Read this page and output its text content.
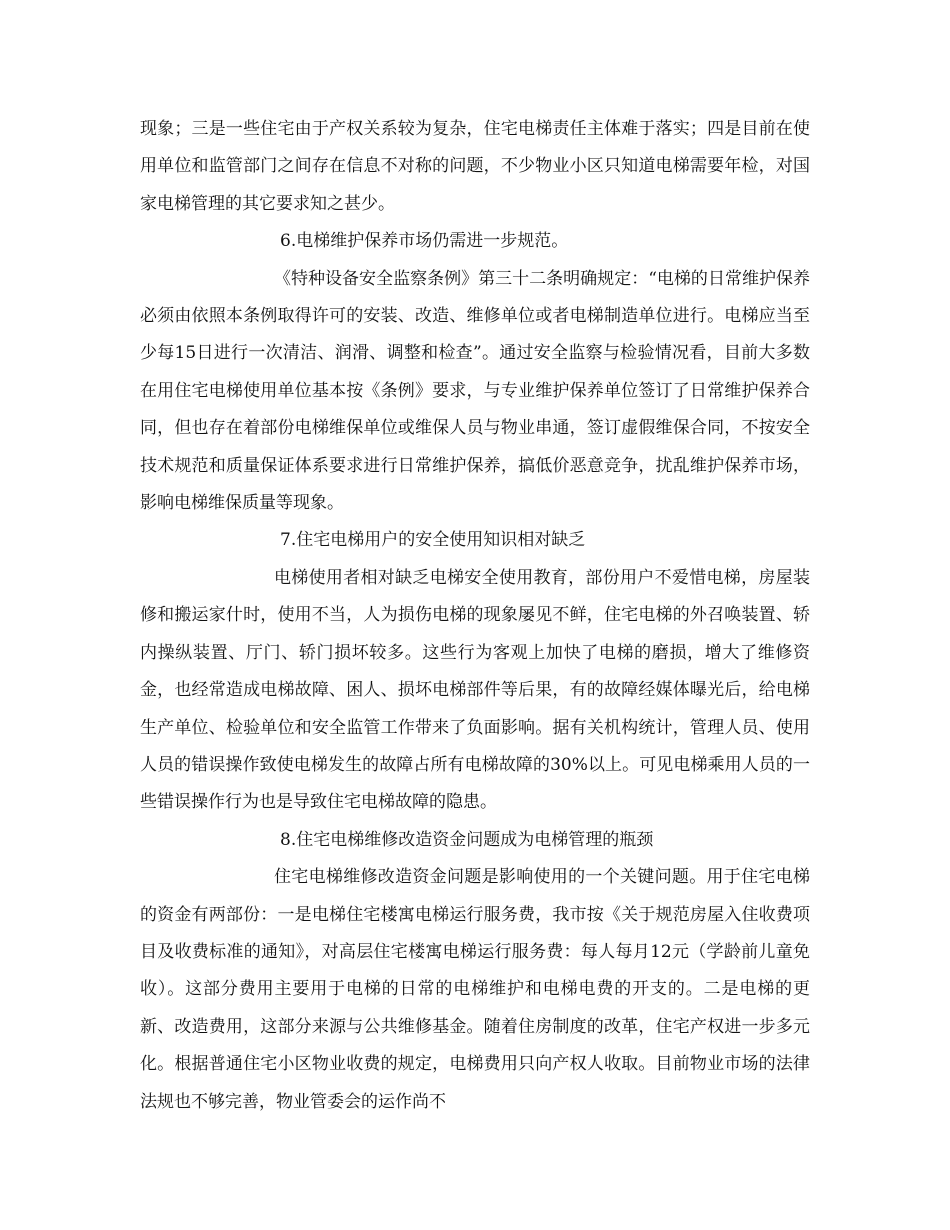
现象；三是一些住宅由于产权关系较为复杂，住宅电梯责任主体难于落实；四是目前在使用单位和监管部门之间存在信息不对称的问题，不少物业小区只知道电梯需要年检，对国家电梯管理的其它要求知之甚少。

6.电梯维护保养市场仍需进一步规范。

《特种设备安全监察条例》第三十二条明确规定：“电梯的日常维护保养必须由依照本条例取得许可的安装、改造、维修单位或者电梯制造单位进行。电梯应当至少每15日进行一次清洁、润滑、调整和检查”。通过安全监察与检验情况看，目前大多数在用住宅电梯使用单位基本按《条例》要求，与专业维护保养单位签订了日常维护保养合同，但也存在着部份电梯维保单位或维保人员与物业串通，签订虚假维保合同，不按安全技术规范和质量保证体系要求进行日常维护保养，搞低价恶意竞争，扰乱维护保养市场，影响电梯维保质量等现象。

7.住宅电梯用户的安全使用知识相对缺乏

电梯使用者相对缺乏电梯安全使用教育，部份用户不爱惜电梯，房屋装修和搬运家什时，使用不当，人为损伤电梯的现象屡见不鲜，住宅电梯的外召唤装置、轿内操纵装置、厅门、轿门损坏较多。这些行为客观上加快了电梯的磨损，增大了维修资金，也经常造成电梯故障、困人、损坏电梯部件等后果，有的故障经媒体曝光后，给电梯生产单位、检验单位和安全监管工作带来了负面影响。据有关机构统计，管理人员、使用人员的错误操作致使电梯发生的故障占所有电梯故障的30%以上。可见电梯乘用人员的一些错误操作行为也是导致住宅电梯故障的隐患。

8.住宅电梯维修改造资金问题成为电梯管理的瓶颈

住宅电梯维修改造资金问题是影响使用的一个关键问题。用于住宅电梯的资金有两部份：一是电梯住宅楼寓电梯运行服务费，我市按《关于规范房屋入住收费项目及收费标准的通知》，对高层住宅楼寓电梯运行服务费：每人每月12元（学龄前儿童免收）。这部分费用主要用于电梯的日常的电梯维护和电梯电费的开支的。二是电梯的更新、改造费用，这部分来源与公共维修基金。随着住房制度的改革，住宅产权进一步多元化。根据普通住宅小区物业收费的规定，电梯费用只向产权人收取。目前物业市场的法律法规也不够完善，物业管委会的运作尚不
